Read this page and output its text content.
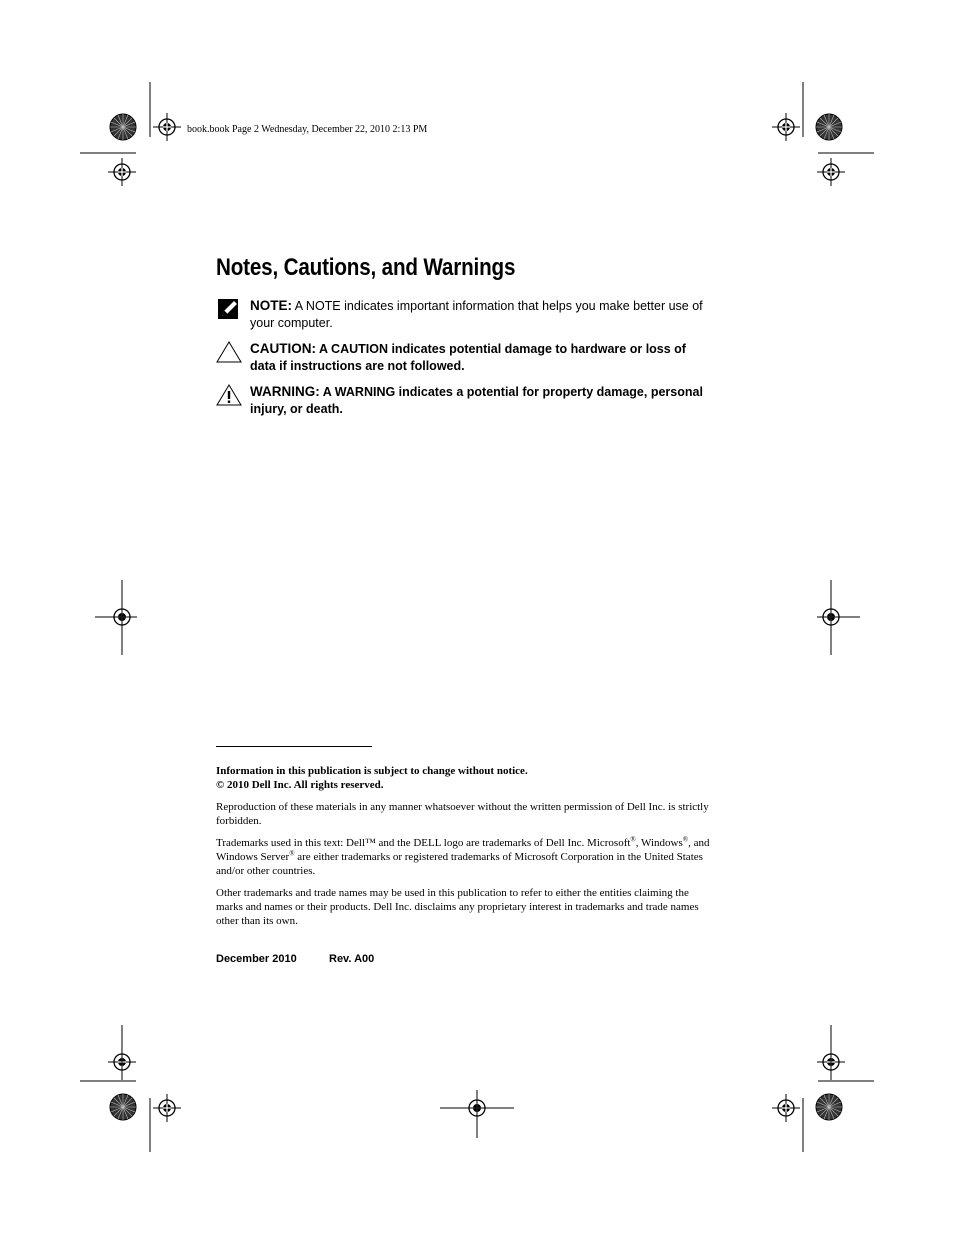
book.book Page 2 Wednesday, December 22, 2010 2:13 PM
Notes, Cautions, and Warnings
NOTE: A NOTE indicates important information that helps you make better use of your computer.
CAUTION: A CAUTION indicates potential damage to hardware or loss of data if instructions are not followed.
WARNING: A WARNING indicates a potential for property damage, personal injury, or death.

Information in this publication is subject to change without notice.

© 2010 Dell Inc. All rights reserved.

Reproduction of these materials in any manner whatsoever without the written permission of Dell Inc. is strictly forbidden.

Trademarks used in this text: Dell™ and the DELL logo are trademarks of Dell Inc. Microsoft®, Windows®, and Windows Server® are either trademarks or registered trademarks of Microsoft Corporation in the United States and/or other countries.

Other trademarks and trade names may be used in this publication to refer to either the entities claiming the marks and names or their products. Dell Inc. disclaims any proprietary interest in trademarks and trade names other than its own.

December 2010	Rev. A00
